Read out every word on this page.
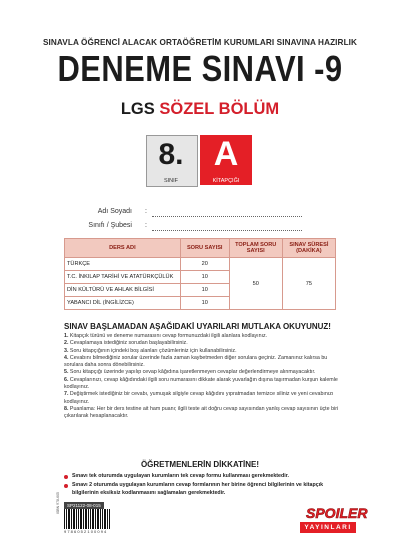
SINAVLA ÖĞRENCİ ALACAK ORTAÖĞRETİM KURUMLARI SINAVINA HAZIRLIK
DENEME SINAVI -9
LGS SÖZEL BÖLÜM
8.
SINIF
A
KİTAPÇIĞI
Adı Soyadı :
Sınıfı / Şubesi :
DERS ADI	SORU SAYISI	TOPLAM SORU SAYISI	SINAV SÜRESİ (DAKİKA)
TÜRKÇE	20	50	75
T.C. İNKILAP TARİHİ VE ATATÜRKÇÜLÜK	10		
DİN KÜLTÜRÜ VE AHLAK BİLGİSİ	10		
YABANCI DİL (İNGİLİZCE)	10		
SINAV BAŞLAMADAN AŞAĞIDAKİ UYARILARI MUTLAKA OKUYUNUZ!
1. Kitapçık türünü ve deneme numarasını cevap formunuzdaki ilgili alanlara kodlayınız.
2. Cevaplamaya istediğiniz sorudan başlayabilirsiniz.
3. Soru kitapçığının içindeki boş alanları çözümleriniz için kullanabilirsiniz.
4. Cevabını bilmediğiniz sorular üzerinde fazla zaman kaybetmeden diğer sorulara geçiniz. Zamanınız kalırsa bu sorulara daha sonra dönebilirsiniz.
5. Soru kitapçığı üzerinde yapılıp cevap kâğıdına işaretlenmeyen cevaplar değerlendirmeye alınmayacaktır.
6. Cevaplarınızı, cevap kâğıdındaki ilgili soru numarasını dikkate alarak yuvarlağın dışına taşırmadan kurşun kalemle kodlayınız.
7. Değiştirmek istediğiniz bir cevabı, yumuşak silgiyle cevap kâğıdını yıpratmadan temizce siliniz ve yeni cevabınızı kodlayınız.
8. Puanlama: Her bir ders testine ait ham puanı; ilgili teste ait doğru cevap sayısından yanlış cevap sayısının üçte biri çıkarılarak hesaplanacaktır.
ÖĞRETMENLERİN DİKKATİNE!
Sınavı tek oturumda uygulayan kurumların tek cevap formu kullanması gerekmektedir.
Sınavı 2 oturumda uygulayan kurumların cevap formlarının her birine öğrenci bilgilerinin ve kitapçık bilgilerinin eksiksiz kodlanmasını sağlamaları gerekmektedir.
ISBN 978-605	SP21122-08-015
9 7 8 6 0 5 2 1 0 0 0 9 4
SPOILER
YAYINLARI
